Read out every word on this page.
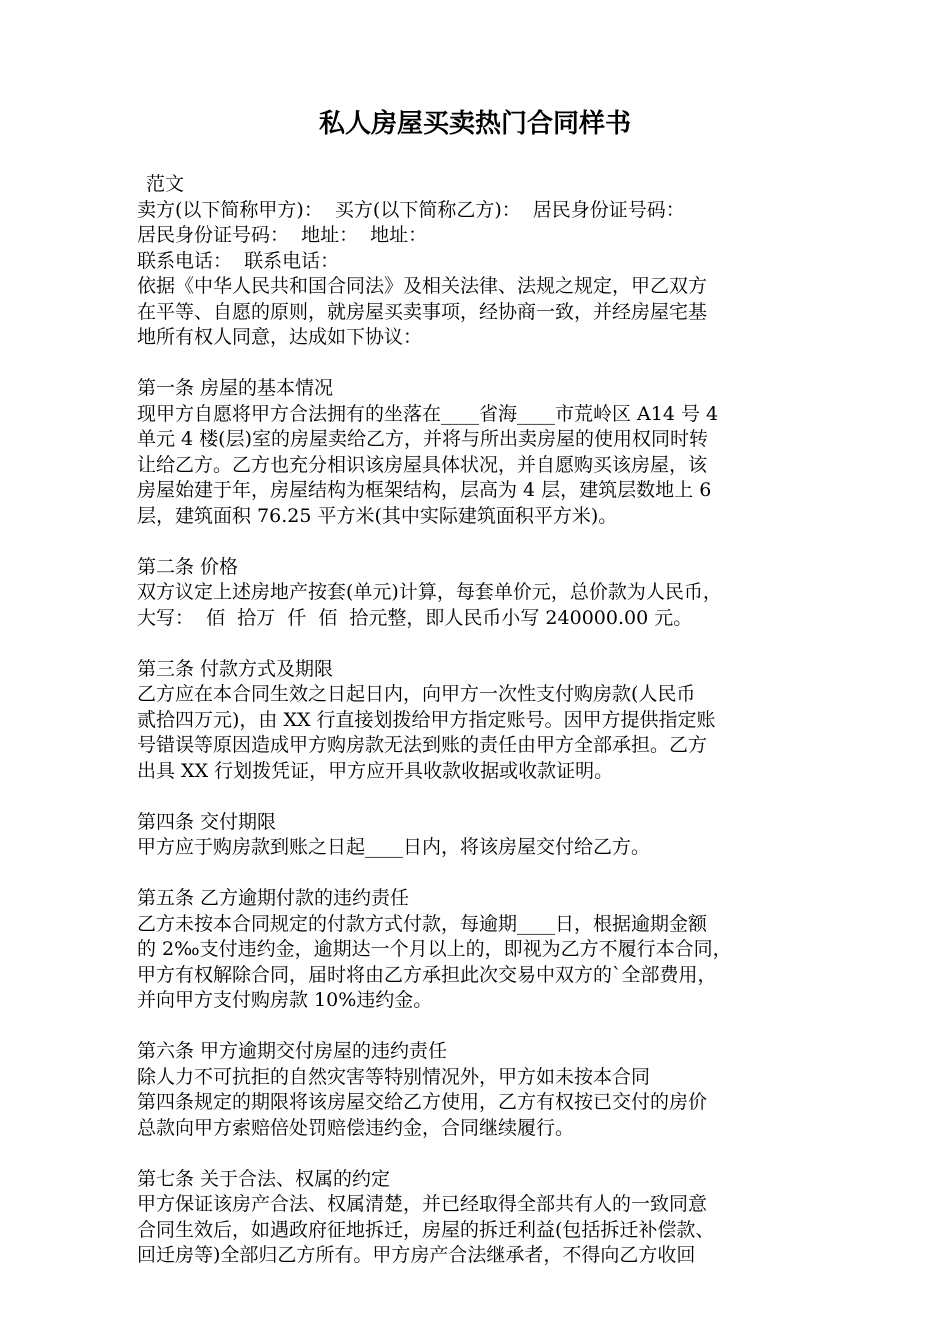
私人房屋买卖热门合同样书
范文
卖方(以下简称甲方)：  买方(以下简称乙方)：  居民身份证号码：
居民身份证号码：  地址：  地址：
联系电话：  联系电话：
依据《中华人民共和国合同法》及相关法律、法规之规定，甲乙双方
在平等、自愿的原则，就房屋买卖事项，经协商一致，并经房屋宅基
地所有权人同意，达成如下协议：
第一条 房屋的基本情况
现甲方自愿将甲方合法拥有的坐落在____省海____市荒岭区 A14 号 4
单元 4 楼(层)室的房屋卖给乙方，并将与所出卖房屋的使用权同时转
让给乙方。乙方也充分相识该房屋具体状况，并自愿购买该房屋，该
房屋始建于年，房屋结构为框架结构，层高为 4 层，建筑层数地上 6
层，建筑面积 76.25 平方米(其中实际建筑面积平方米)。
第二条 价格
双方议定上述房地产按套(单元)计算，每套单价元，总价款为人民币，
大写：  佰  拾万  仟  佰  拾元整，即人民币小写 240000.00 元。
第三条 付款方式及期限
乙方应在本合同生效之日起日内，向甲方一次性支付购房款(人民币
贰拾四万元)，由 XX 行直接划拨给甲方指定账号。因甲方提供指定账
号错误等原因造成甲方购房款无法到账的责任由甲方全部承担。乙方
出具 XX 行划拨凭证，甲方应开具收款收据或收款证明。
第四条 交付期限
甲方应于购房款到账之日起____日内，将该房屋交付给乙方。
第五条 乙方逾期付款的违约责任
乙方未按本合同规定的付款方式付款，每逾期____日，根据逾期金额
的 2‰支付违约金，逾期达一个月以上的，即视为乙方不履行本合同，
甲方有权解除合同，届时将由乙方承担此次交易中双方的`全部费用，
并向甲方支付购房款 10%违约金。
第六条 甲方逾期交付房屋的违约责任
除人力不可抗拒的自然灾害等特别情况外，甲方如未按本合同
第四条规定的期限将该房屋交给乙方使用，乙方有权按已交付的房价
总款向甲方索赔倍处罚赔偿违约金，合同继续履行。
第七条 关于合法、权属的约定
甲方保证该房产合法、权属清楚，并已经取得全部共有人的一致同意
合同生效后，如遇政府征地拆迁，房屋的拆迁利益(包括拆迁补偿款、
回迁房等)全部归乙方所有。甲方房产合法继承者，不得向乙方收回
